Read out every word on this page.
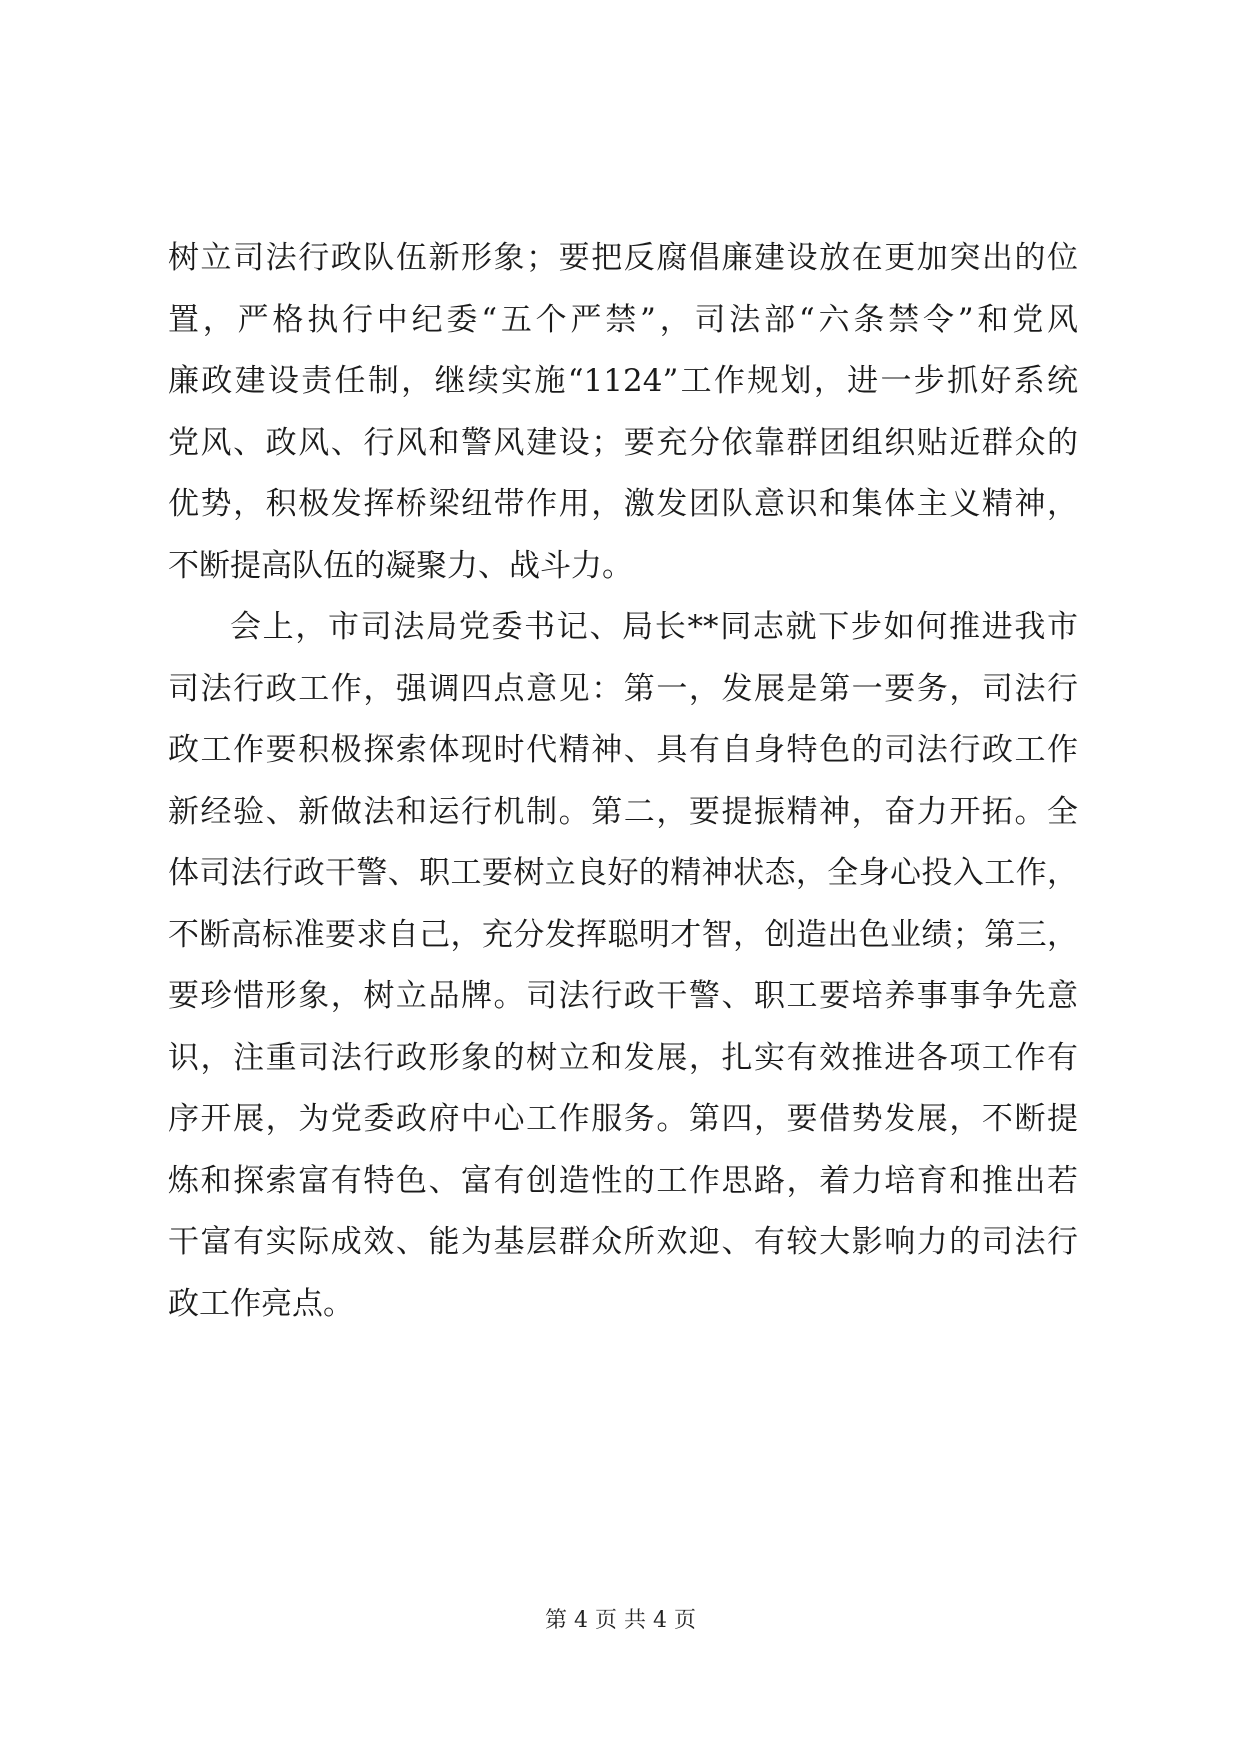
树立司法行政队伍新形象；要把反腐倡廉建设放在更加突出的位
置，严格执行中纪委“五个严禁”，司法部“六条禁令”和党风
廉政建设责任制，继续实施“1124”工作规划，进一步抓好系统
党风、政风、行风和警风建设；要充分依靠群团组织贴近群众的
优势，积极发挥桥梁纽带作用，激发团队意识和集体主义精神，
不断提高队伍的凝聚力、战斗力。
会上，市司法局党委书记、局长**同志就下步如何推进我市
司法行政工作，强调四点意见：第一，发展是第一要务，司法行
政工作要积极探索体现时代精神、具有自身特色的司法行政工作
新经验、新做法和运行机制。第二，要提振精神，奋力开拓。全
体司法行政干警、职工要树立良好的精神状态，全身心投入工作，
不断高标准要求自己，充分发挥聪明才智，创造出色业绩；第三，
要珍惜形象，树立品牌。司法行政干警、职工要培养事事争先意
识，注重司法行政形象的树立和发展，扎实有效推进各项工作有
序开展，为党委政府中心工作服务。第四，要借势发展，不断提
炼和探索富有特色、富有创造性的工作思路，着力培育和推出若
干富有实际成效、能为基层群众所欢迎、有较大影响力的司法行
政工作亮点。
第 4 页 共 4 页
